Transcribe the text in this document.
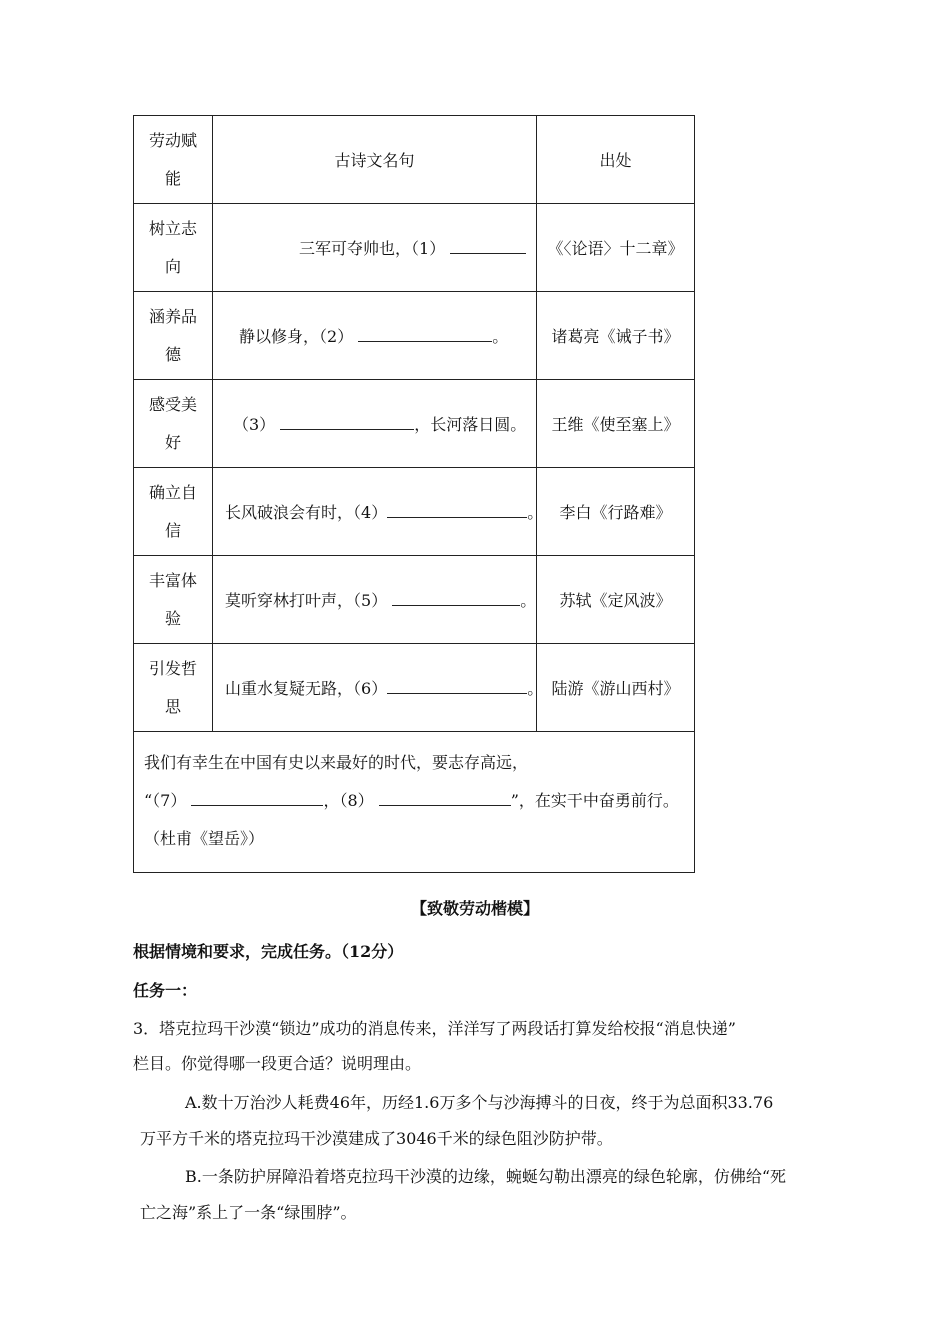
劳动赋能	古诗文名句	出处
树立志向	三军可夺帅也，（1）	《〈论语〉十二章》
涵养品德	静以修身，（2） 。	诸葛亮《诫子书》
感受美好	（3） ，长河落日圆。	王维《使至塞上》
确立自信	长风破浪会有时，（4） 。	李白《行路难》
丰富体验	莫听穿林打叶声，（5） 。	苏轼《定风波》
引发哲思	山重水复疑无路，（6） 。	陆游《游山西村》

我们有幸生在中国有史以来最好的时代，要志存高远，
“（7） ，（8） ”，在实干中奋勇前行。
（杜甫《望岳》）		
【致敬劳动楷模】
根据情境和要求，完成任务。（12分）
任务一：
3．塔克拉玛干沙漠“锁边”成功的消息传来，洋洋写了两段话打算发给校报“消息快递”
栏目。你觉得哪一段更合适？说明理由。
A.数十万治沙人耗费46年，历经1.6万多个与沙海搏斗的日夜，终于为总面积33.76
万平方千米的塔克拉玛干沙漠建成了3046千米的绿色阻沙防护带。
B.一条防护屏障沿着塔克拉玛干沙漠的边缘，蜿蜒勾勒出漂亮的绿色轮廓，仿佛给“死
亡之海”系上了一条“绿围脖”。
